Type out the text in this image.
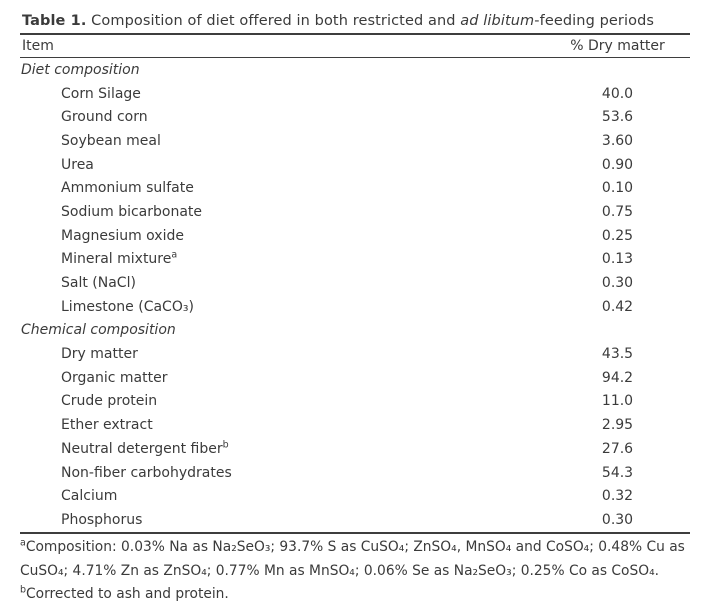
Table 1. Composition of diet offered in both restricted and ad libitum-feeding periods
Item	% Dry matter
Diet composition
Corn Silage	40.0
Ground corn	53.6
Soybean meal	3.60
Urea	0.90
Ammonium sulfate	0.10
Sodium bicarbonate	0.75
Magnesium oxide	0.25
Mineral mixture$^a$	0.13
Salt (NaCl)	0.30
Limestone (CaCO₃)	0.42
Chemical composition
Dry matter	43.5
Organic matter	94.2
Crude protein	11.0
Ether extract	2.95
Neutral detergent fiber$^b$	27.6
Non-fiber carbohydrates	54.3
Calcium	0.32
Phosphorus	0.30

$^a$Composition: 0.03% Na as Na₂SeO₃; 93.7% S as CuSO₄; ZnSO₄, MnSO₄ and CoSO₄; 0.48% Cu as CuSO₄; 4.71% Zn as ZnSO₄; 0.77% Mn as MnSO₄; 0.06% Se as Na₂SeO₃; 0.25% Co as CoSO₄.

$^b$Corrected to ash and protein.
